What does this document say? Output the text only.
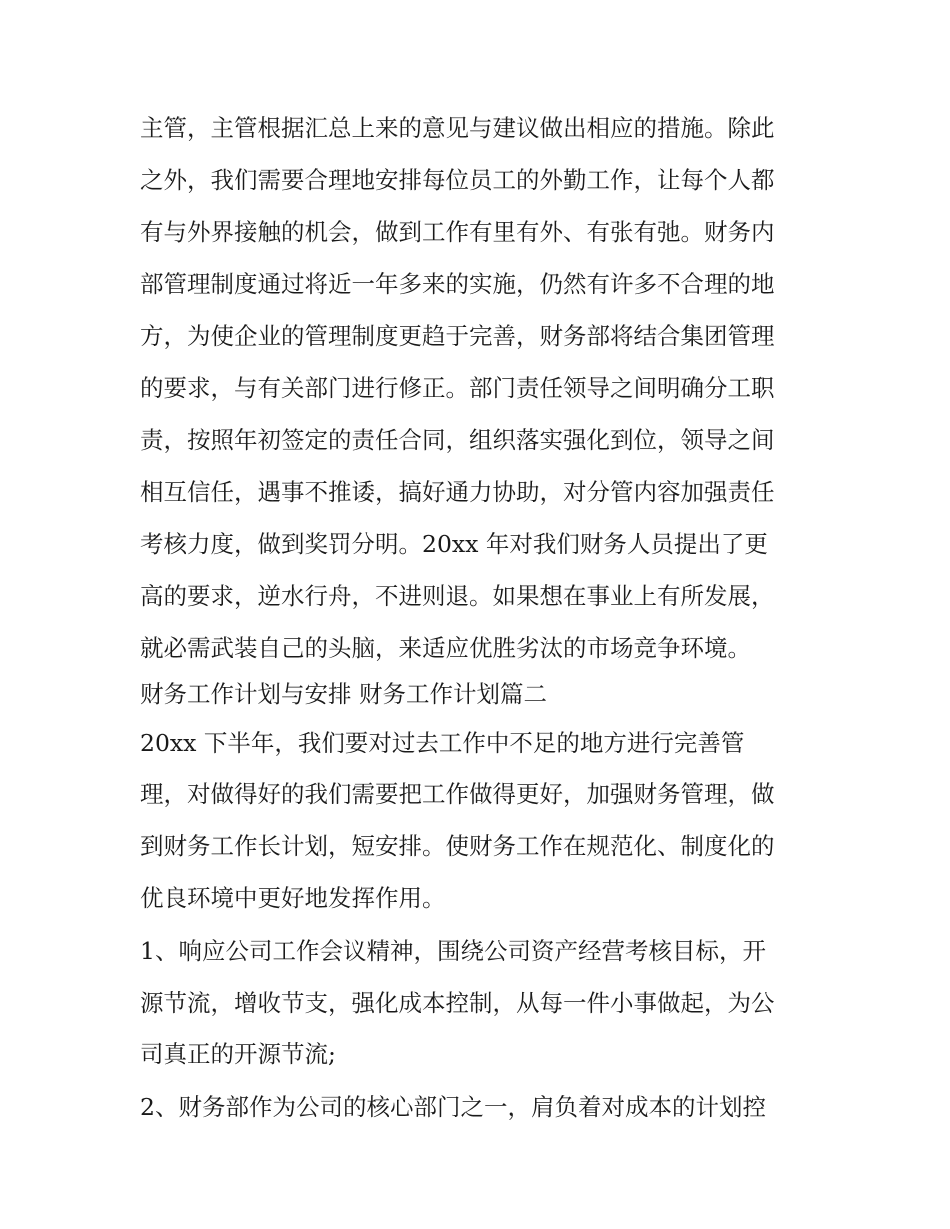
主管，主管根据汇总上来的意见与建议做出相应的措施。除此

之外，我们需要合理地安排每位员工的外勤工作，让每个人都

有与外界接触的机会，做到工作有里有外、有张有弛。财务内

部管理制度通过将近一年多来的实施，仍然有许多不合理的地

方，为使企业的管理制度更趋于完善，财务部将结合集团管理

的要求，与有关部门进行修正。部门责任领导之间明确分工职

责，按照年初签定的责任合同，组织落实强化到位，领导之间

相互信任，遇事不推诿，搞好通力协助，对分管内容加强责任

考核力度，做到奖罚分明。20xx 年对我们财务人员提出了更

高的要求，逆水行舟，不进则退。如果想在事业上有所发展，

就必需武装自己的头脑，来适应优胜劣汰的市场竞争环境。

财务工作计划与安排 财务工作计划篇二

20xx 下半年，我们要对过去工作中不足的地方进行完善管

理，对做得好的我们需要把工作做得更好，加强财务管理，做

到财务工作长计划，短安排。使财务工作在规范化、制度化的

优良环境中更好地发挥作用。

1、响应公司工作会议精神，围绕公司资产经营考核目标，开

源节流，增收节支，强化成本控制，从每一件小事做起，为公

司真正的开源节流;

2、财务部作为公司的核心部门之一，肩负着对成本的计划控
